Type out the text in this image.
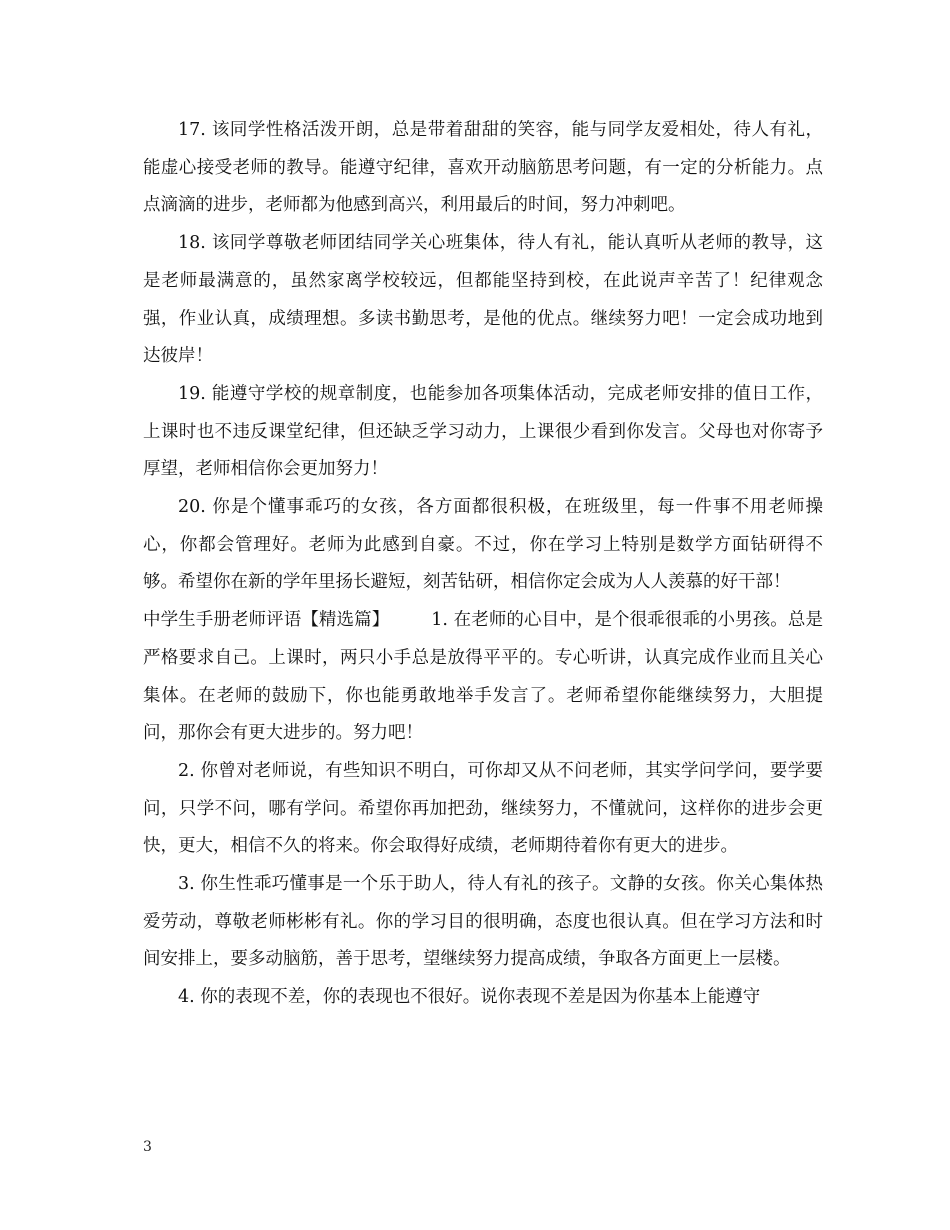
17. 该同学性格活泼开朗，总是带着甜甜的笑容，能与同学友爱相处，待人有礼，能虚心接受老师的教导。能遵守纪律，喜欢开动脑筋思考问题，有一定的分析能力。点点滴滴的进步，老师都为他感到高兴，利用最后的时间，努力冲刺吧。

18. 该同学尊敬老师团结同学关心班集体，待人有礼，能认真听从老师的教导，这是老师最满意的，虽然家离学校较远，但都能坚持到校，在此说声辛苦了！纪律观念强，作业认真，成绩理想。多读书勤思考，是他的优点。继续努力吧！一定会成功地到达彼岸！

19. 能遵守学校的规章制度，也能参加各项集体活动，完成老师安排的值日工作，上课时也不违反课堂纪律，但还缺乏学习动力，上课很少看到你发言。父母也对你寄予厚望，老师相信你会更加努力！

20. 你是个懂事乖巧的女孩，各方面都很积极，在班级里，每一件事不用老师操心，你都会管理好。老师为此感到自豪。不过，你在学习上特别是数学方面钻研得不够。希望你在新的学年里扬长避短，刻苦钻研，相信你定会成为人人羡慕的好干部！

中学生手册老师评语【精选篇】 1. 在老师的心目中，是个很乖很乖的小男孩。总是严格要求自己。上课时，两只小手总是放得平平的。专心听讲，认真完成作业而且关心集体。在老师的鼓励下，你也能勇敢地举手发言了。老师希望你能继续努力，大胆提问，那你会有更大进步的。努力吧！

2. 你曾对老师说，有些知识不明白，可你却又从不问老师，其实学问学问，要学要问，只学不问，哪有学问。希望你再加把劲，继续努力，不懂就问，这样你的进步会更快，更大，相信不久的将来。你会取得好成绩，老师期待着你有更大的进步。

3. 你生性乖巧懂事是一个乐于助人，待人有礼的孩子。文静的女孩。你关心集体热爱劳动，尊敬老师彬彬有礼。你的学习目的很明确，态度也很认真。但在学习方法和时间安排上，要多动脑筋，善于思考，望继续努力提高成绩，争取各方面更上一层楼。

4. 你的表现不差，你的表现也不很好。说你表现不差是因为你基本上能遵守

3
